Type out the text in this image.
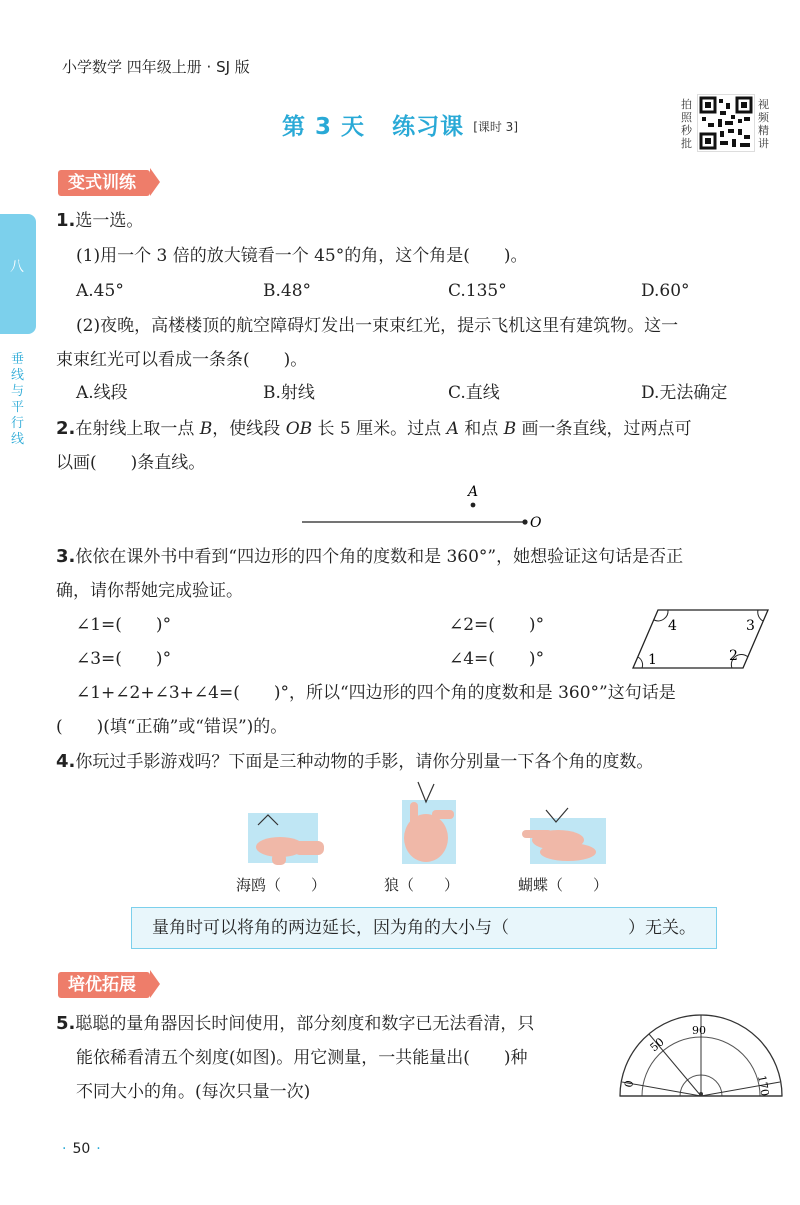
小学数学 四年级上册 · SJ 版
第 3 天 练习课 [课时 3]
拍照秒批
视频精讲
八
垂线与平行线
变式训练
1.选一选。
(1)用一个 3 倍的放大镜看一个 45°的角，这个角是(　　)。
A.45°	B.48°	C.135°	D.60°
(2)夜晚，高楼楼顶的航空障碍灯发出一束束红光，提示飞机这里有建筑物。这一
束束红光可以看成一条条(　　)。
A.线段	B.射线	C.直线	D.无法确定
2.在射线上取一点 B，使线段 OB 长 5 厘米。过点 A 和点 B 画一条直线，过两点可
以画(　　)条直线。
A
O
3.依依在课外书中看到“四边形的四个角的度数和是 360°”，她想验证这句话是否正
确，请你帮她完成验证。
∠1=(　　)°	∠2=(　　)°
∠3=(　　)°	∠4=(　　)°	1	2
3
4
∠1+∠2+∠3+∠4=(　　)°，所以“四边形的四个角的度数和是 360°”这句话是
(　　)(填“正确”或“错误”)的。
4.你玩过手影游戏吗？下面是三种动物的手影，请你分别量一下各个角的度数。
海鸥（　　）	狼（　　）	蝴蝶（　　）
量角时可以将角的两边延长，因为角的大小与（　　　　　　　）无关。
培优拓展
5.聪聪的量角器因长时间使用，部分刻度和数字已无法看清，只
能依稀看清五个刻度(如图)。用它测量，一共能量出(　　)种
不同大小的角。(每次只量一次)	0
50
90
170
· 50 ·
